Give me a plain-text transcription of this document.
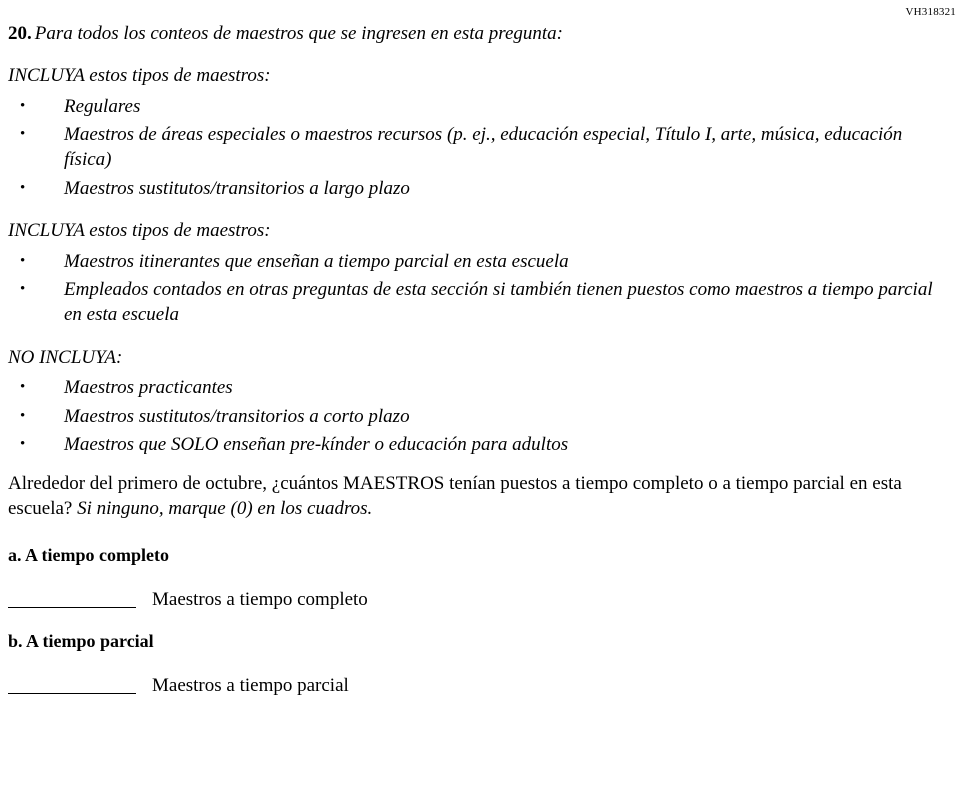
VH318321

20. Para todos los conteos de maestros que se ingresen en esta pregunta:

INCLUYA estos tipos de maestros:
• Regulares
• Maestros de áreas especiales o maestros recursos (p. ej., educación especial, Título I, arte, música, educación física)
• Maestros sustitutos/transitorios a largo plazo
INCLUYA estos tipos de maestros:
• Maestros itinerantes que enseñan a tiempo parcial en esta escuela
• Empleados contados en otras preguntas de esta sección si también tienen puestos como maestros a tiempo parcial en esta escuela
NO INCLUYA:
• Maestros practicantes
• Maestros sustitutos/transitorios a corto plazo
• Maestros que SOLO enseñan pre-kínder o educación para adultos

Alrededor del primero de octubre, ¿cuántos MAESTROS tenían puestos a tiempo completo o a tiempo parcial en esta escuela? Si ninguno, marque (0) en los cuadros.

a. A tiempo completo
Maestros a tiempo completo
b. A tiempo parcial
Maestros a tiempo parcial
